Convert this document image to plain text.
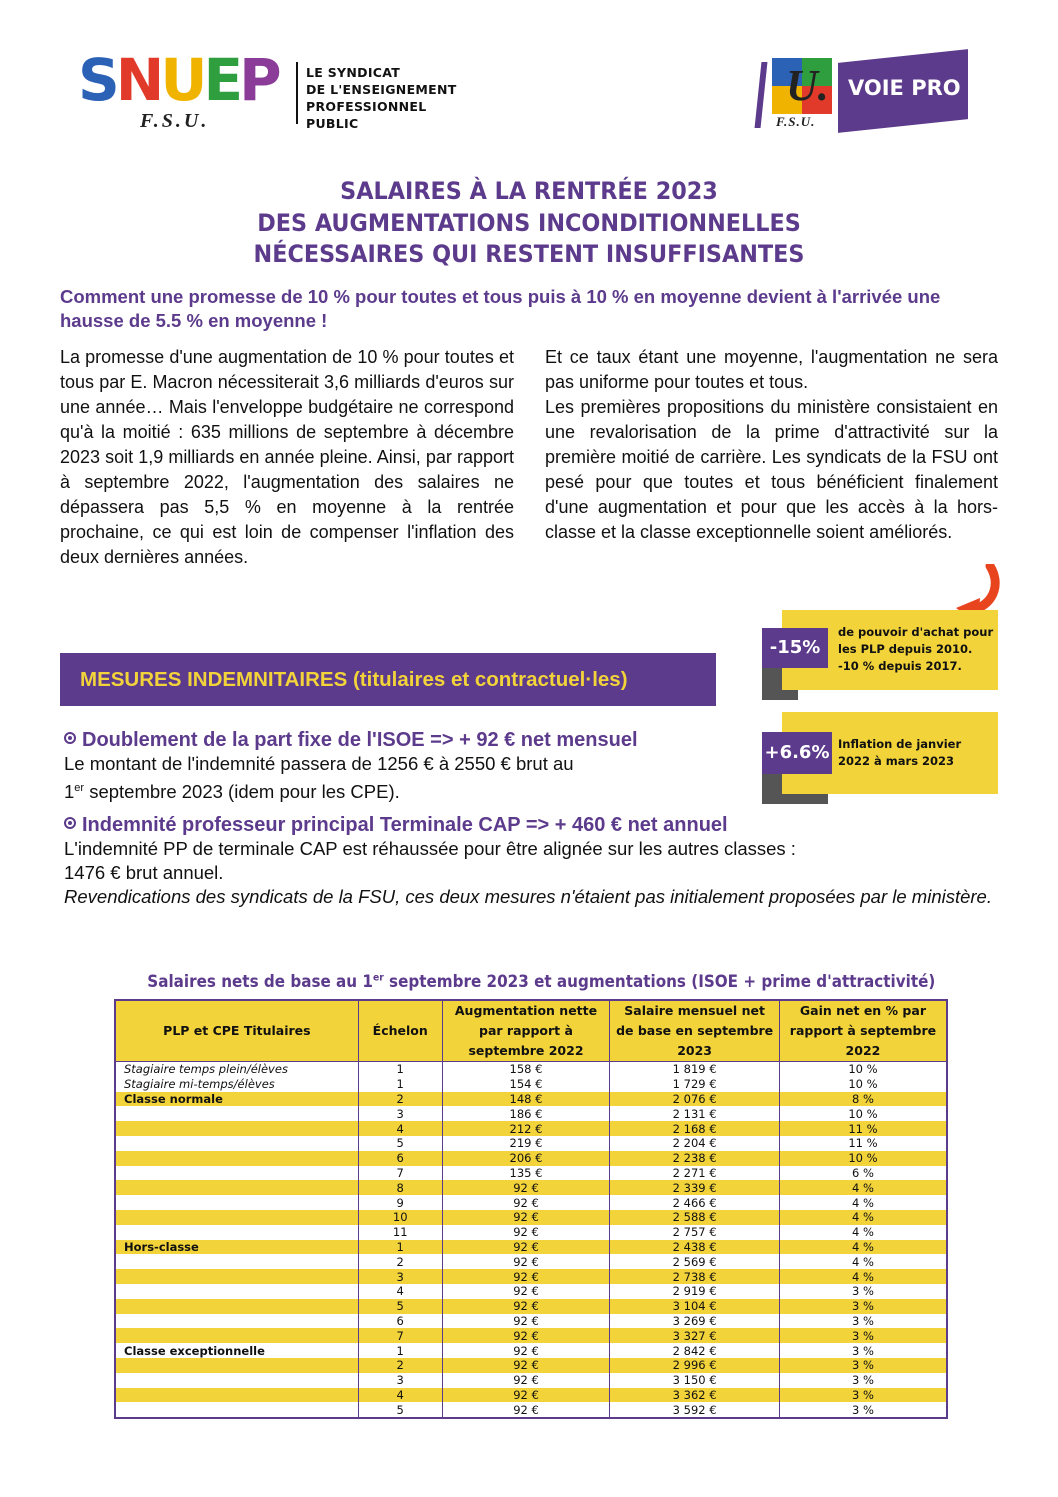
SNUEP
F.S.U.
LE SYNDICAT
DE L'ENSEIGNEMENT
PROFESSIONNEL
PUBLIC
U.
F.S.U.
VOIE PRO
SALAIRES À LA RENTRÉE 2023
DES AUGMENTATIONS INCONDITIONNELLES
NÉCESSAIRES QUI RESTENT INSUFFISANTES
Comment une promesse de 10 % pour toutes et tous puis à 10 % en moyenne devient à l'arrivée une hausse de 5.5 % en moyenne !
La promesse d'une augmentation de 10 % pour toutes et tous par E. Macron nécessiterait 3,6 milliards d'euros sur une année… Mais l'enveloppe budgétaire ne correspond qu'à la moitié : 635 millions de septembre à décembre 2023 soit 1,9 milliards en année pleine. Ainsi, par rapport à septembre 2022, l'augmentation des salaires ne dépassera pas 5,5 % en moyenne à la rentrée prochaine, ce qui est loin de compenser l'inflation des deux dernières années.
Et ce taux étant une moyenne, l'augmentation ne sera pas uniforme pour toutes et tous.
Les premières propositions du ministère consistaient en une revalorisation de la prime d'attractivité sur la première moitié de carrière. Les syndicats de la FSU ont pesé pour que toutes et tous bénéficient finalement d'une augmentation et pour que les accès à la hors-classe et la classe exceptionnelle soient améliorés.
-15%
de pouvoir d'achat pour
les PLP depuis 2010.
-10 % depuis 2017.
+6.6% Inflation de janvier
2022 à mars 2023
MESURES INDEMNITAIRES (titulaires et contractuel·les)
Doublement de la part fixe de l'ISOE => + 92 € net mensuel
Le montant de l'indemnité passera de 1256 € à 2550 € brut au
1er septembre 2023 (idem pour les CPE).
Indemnité professeur principal Terminale CAP => + 460 € net annuel
L'indemnité PP de terminale CAP est réhaussée pour être alignée sur les autres classes :
1476 € brut annuel.
Revendications des syndicats de la FSU, ces deux mesures n'étaient pas initialement proposées par le ministère.
Salaires nets de base au 1er septembre 2023 et augmentations (ISOE + prime d'attractivité)
PLP et CPE Titulaires	Échelon	Augmentation nette par rapport à septembre 2022	Salaire mensuel net de base en septembre 2023	Gain net en % par rapport à septembre 2022
Stagiaire temps plein/élèves	1	158 €	1 819 €	10 %
Stagiaire mi-temps/élèves	1	154 €	1 729 €	10 %
Classe normale	2	148 €	2 076 €	8 %
	3	186 €	2 131 €	10 %
	4	212 €	2 168 €	11 %
	5	219 €	2 204 €	11 %
	6	206 €	2 238 €	10 %
	7	135 €	2 271 €	6 %
	8	92 €	2 339 €	4 %
	9	92 €	2 466 €	4 %
	10	92 €	2 588 €	4 %
	11	92 €	2 757 €	4 %
Hors-classe	1	92 €	2 438 €	4 %
	2	92 €	2 569 €	4 %
	3	92 €	2 738 €	4 %
	4	92 €	2 919 €	3 %
	5	92 €	3 104 €	3 %
	6	92 €	3 269 €	3 %
	7	92 €	3 327 €	3 %
Classe exceptionnelle	1	92 €	2 842 €	3 %
	2	92 €	2 996 €	3 %
	3	92 €	3 150 €	3 %
	4	92 €	3 362 €	3 %
	5	92 €	3 592 €	3 %
